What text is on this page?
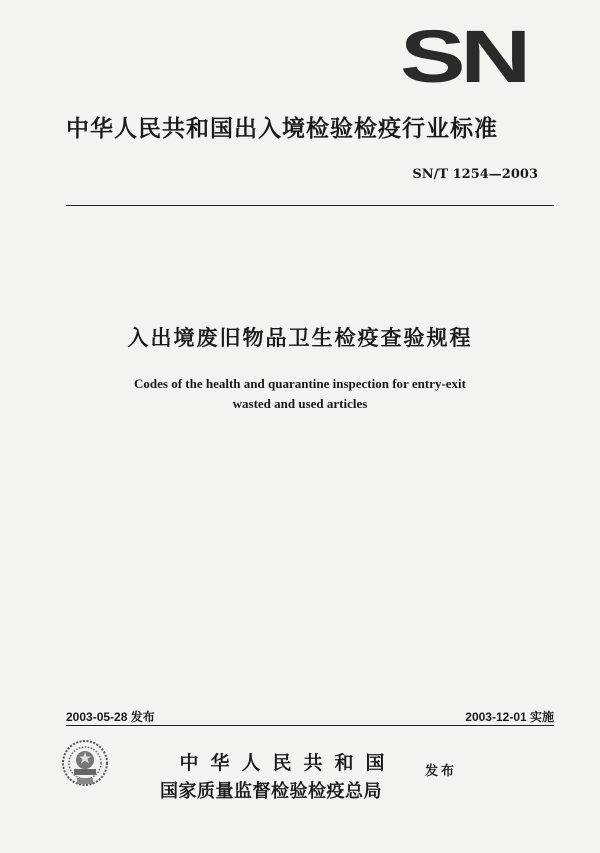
SN
中华人民共和国出入境检验检疫行业标准
SN/T 1254—2003
入出境废旧物品卫生检疫查验规程
Codes of the health and quarantine inspection for entry-exit
wasted and used articles
2003-05-28 发布	2003-12-01 实施
中华人民共和国
国家质量监督检验检疫总局
发布
